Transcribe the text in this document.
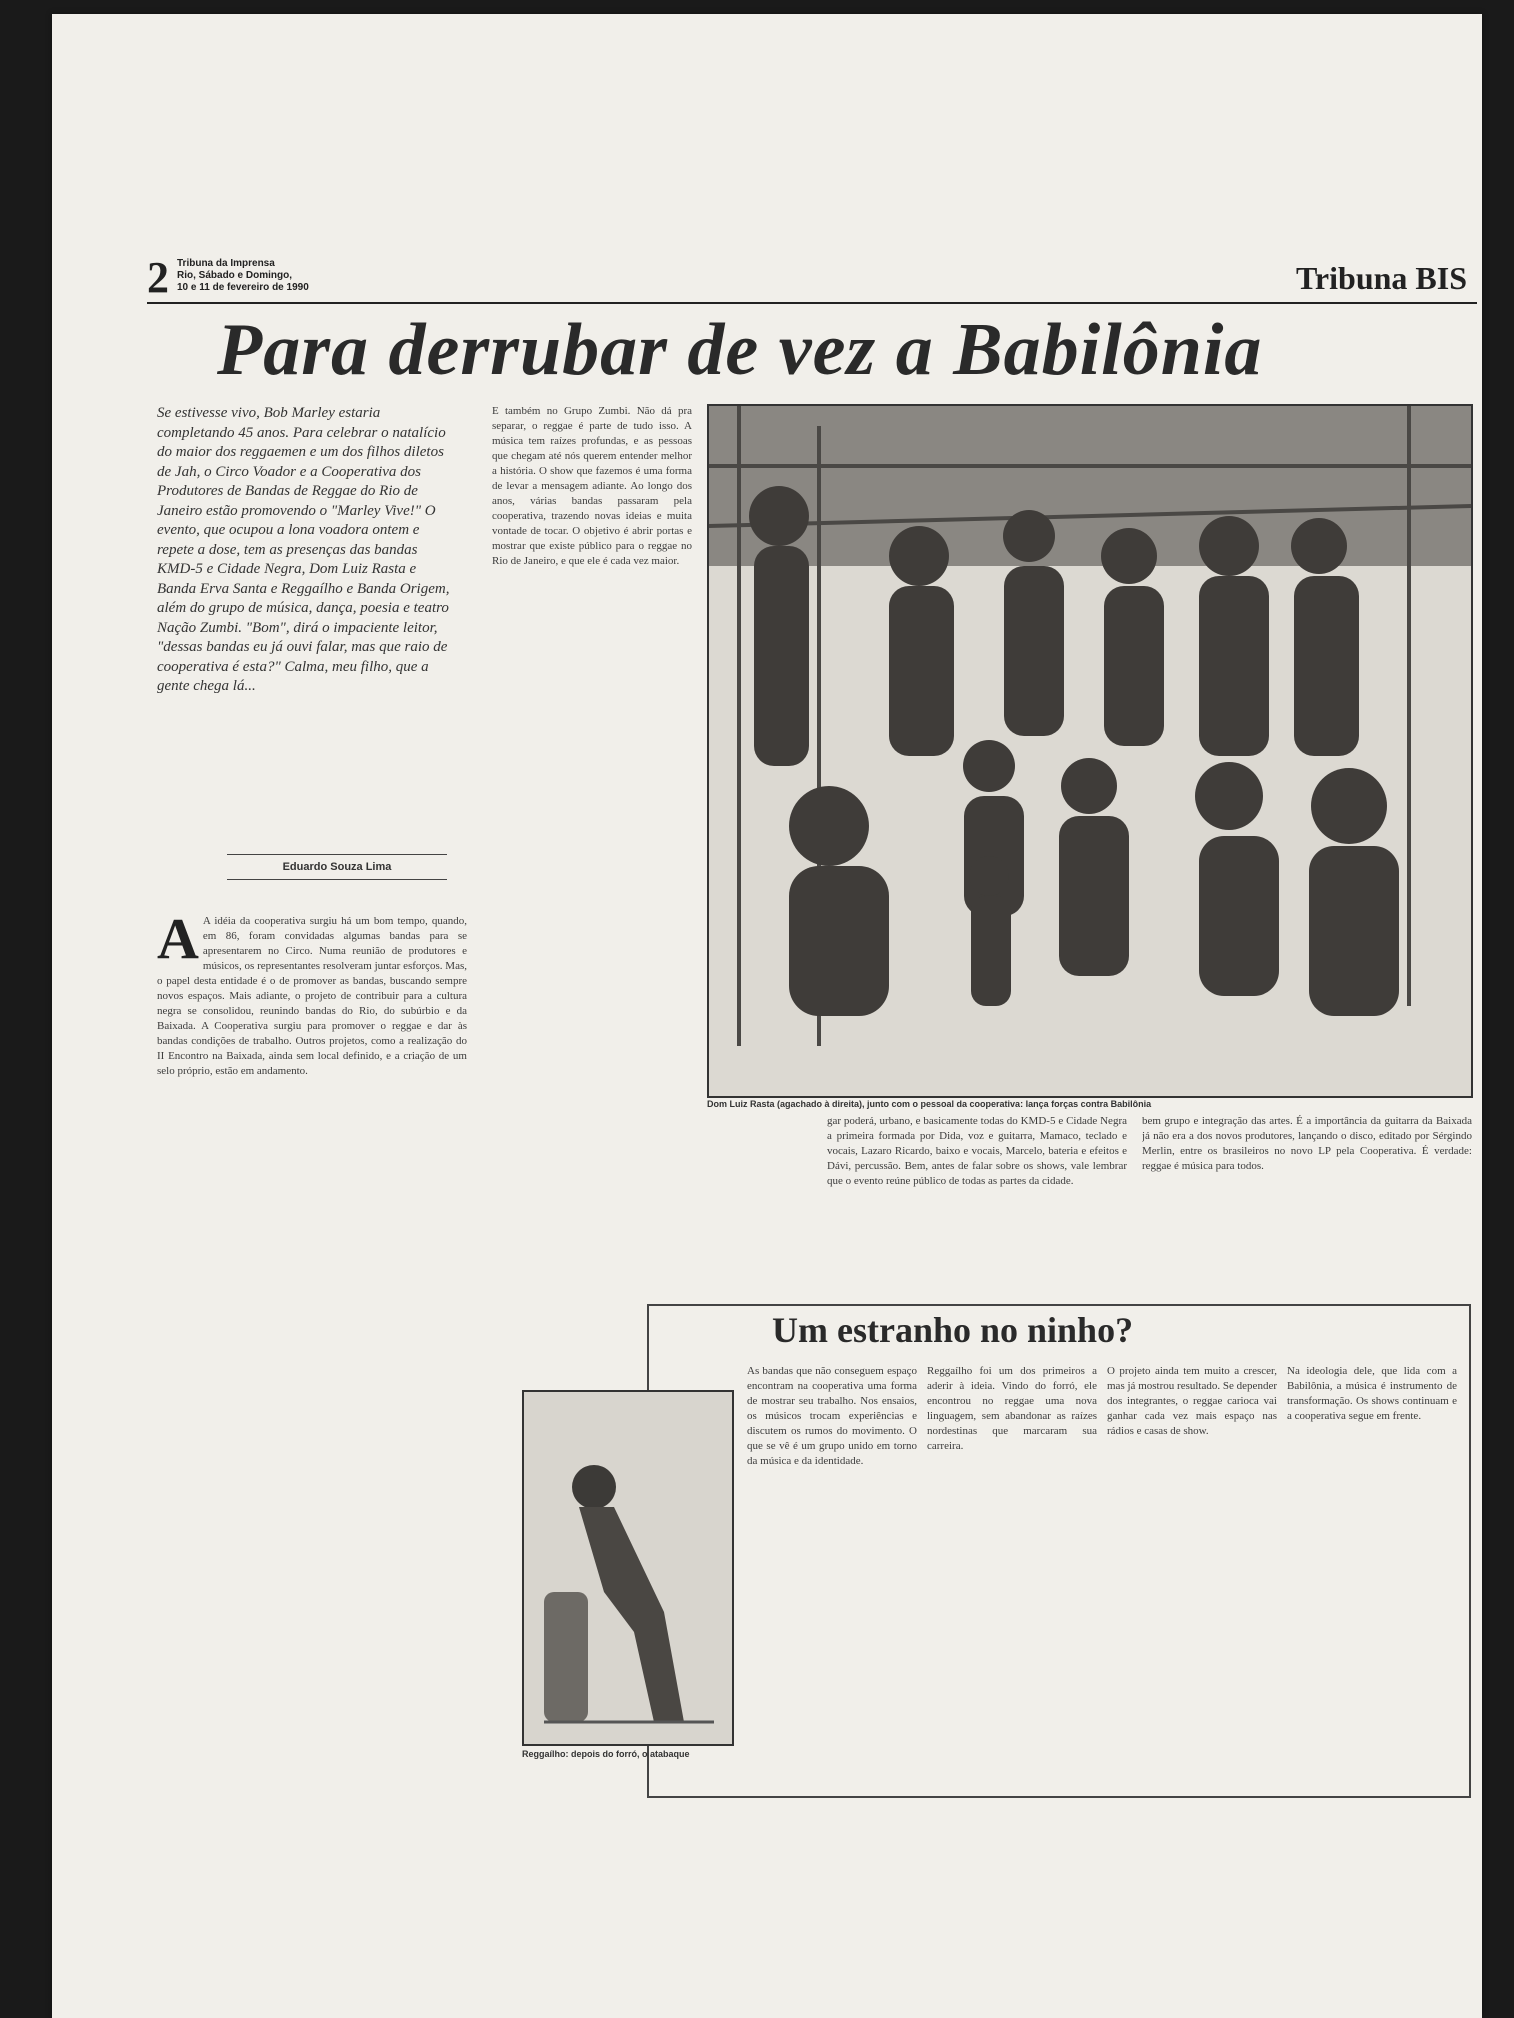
2 Tribuna da Imprensa
Rio, Sábado e Domingo,
10 e 11 de fevereiro de 1990	Tribuna BIS
Para derrubar de vez a Babilônia
Se estivesse vivo, Bob Marley estaria completando 45 anos. Para celebrar o natalício do maior dos reggaemen e um dos filhos diletos de Jah, o Circo Voador e a Cooperativa dos Produtores de Bandas de Reggae do Rio de Janeiro estão promovendo o "Marley Vive!" O evento, que ocupou a lona voadora ontem e repete a dose, tem as presenças das bandas KMD-5 e Cidade Negra, Dom Luiz Rasta e Banda Erva Santa e Reggaílho e Banda Origem, além do grupo de música, dança, poesia e teatro Nação Zumbi. "Bom", dirá o impaciente leitor, "dessas bandas eu já ouvi falar, mas que raio de cooperativa é esta?" Calma, meu filho, que a gente chega lá...
Eduardo Souza Lima
A A idéia da cooperativa surgiu há um bom tempo, quando, em 86, foram convidadas algumas bandas para se apresentarem no Circo. Numa reunião de produtores e músicos, os representantes resolveram juntar esforços. Mas, o papel desta entidade é o de promover as bandas, buscando sempre novos espaços. Mais adiante, o projeto de contribuir para a cultura negra se consolidou, reunindo bandas do Rio, do subúrbio e da Baixada. A Cooperativa surgiu para promover o reggae e dar às bandas condições de trabalho. Outros projetos, como a realização do II Encontro na Baixada, ainda sem local definido, e a criação de um selo próprio, estão em andamento.
E também no Grupo Zumbi. Não dá pra separar, o reggae é parte de tudo isso. A música tem raízes profundas, e as pessoas que chegam até nós querem entender melhor a história. O show que fazemos é uma forma de levar a mensagem adiante. Ao longo dos anos, várias bandas passaram pela cooperativa, trazendo novas ideias e muita vontade de tocar. O objetivo é abrir portas e mostrar que existe público para o reggae no Rio de Janeiro, e que ele é cada vez maior.
gar poderá, urbano, e basicamente todas do KMD-5 e Cidade Negra a primeira formada por Dida, voz e guitarra, Mamaco, teclado e vocais, Lazaro Ricardo, baixo e vocais, Marcelo, bateria e efeitos e Dávi, percussão. Bem, antes de falar sobre os shows, vale lembrar que o evento reúne público de todas as partes da cidade.
bem grupo e integração das artes. É a importância da guitarra da Baixada já não era a dos novos produtores, lançando o disco, editado por Sérgindo Merlin, entre os brasileiros no novo LP pela Cooperativa. É verdade: reggae é música para todos.
Dom Luiz Rasta (agachado à direita), junto com o pessoal da cooperativa: lança forças contra Babilônia
Um estranho no ninho?
Reggaílho: depois do forró, o atabaque
As bandas que não conseguem espaço encontram na cooperativa uma forma de mostrar seu trabalho. Nos ensaios, os músicos trocam experiências e discutem os rumos do movimento. O que se vê é um grupo unido em torno da música e da identidade.
Reggaílho foi um dos primeiros a aderir à ideia. Vindo do forró, ele encontrou no reggae uma nova linguagem, sem abandonar as raízes nordestinas que marcaram sua carreira.
O projeto ainda tem muito a crescer, mas já mostrou resultado. Se depender dos integrantes, o reggae carioca vai ganhar cada vez mais espaço nas rádios e casas de show.
Na ideologia dele, que lida com a Babilônia, a música é instrumento de transformação. Os shows continuam e a cooperativa segue em frente.
